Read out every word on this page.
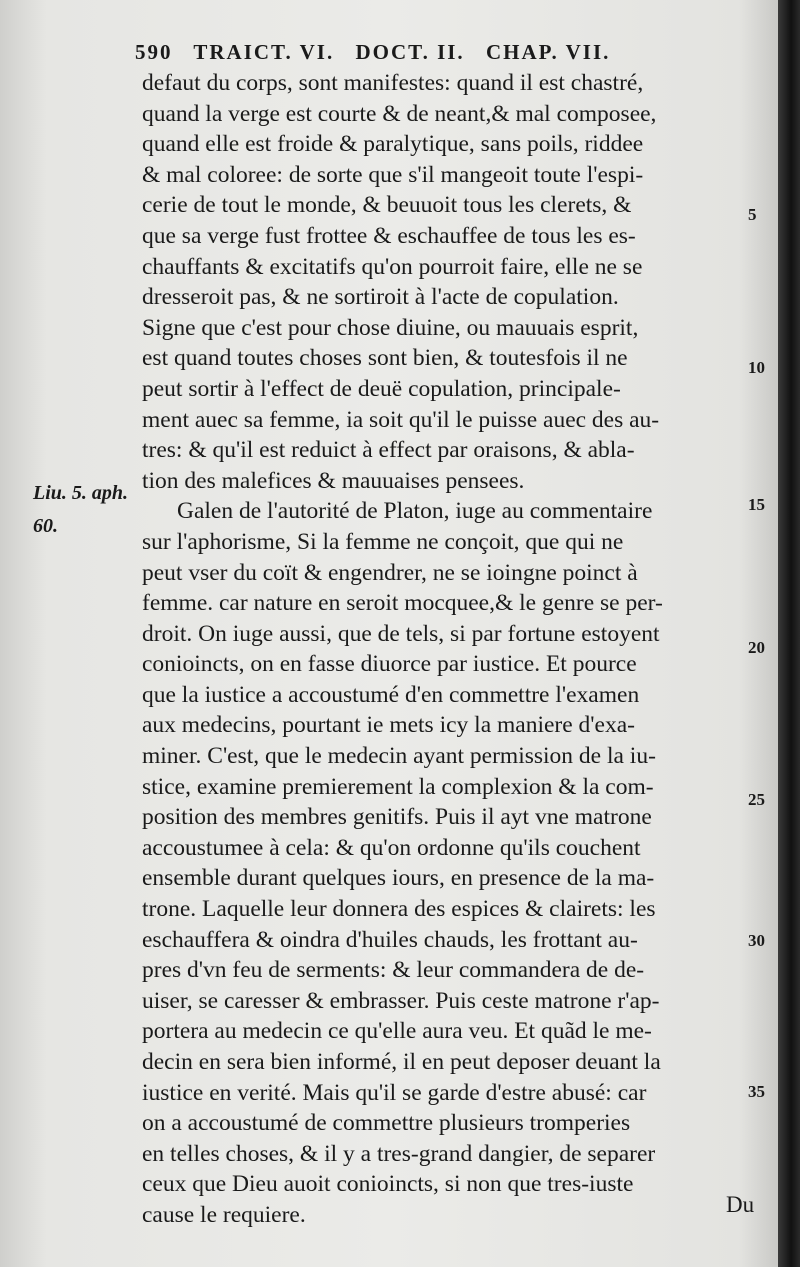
590 TRAICT. VI. DOCT. II. CHAP. VII.
defaut du corps, sont manifestes: quand il est chastré,
quand la verge est courte & de neant,& mal composee,
quand elle est froide & paralytique, sans poils, riddee
& mal coloree: de sorte que s'il mangeoit toute l'espi-
cerie de tout le monde, & beuuoit tous les clerets, &
que sa verge fust frottee & eschauffee de tous les es-
chauffants & excitatifs qu'on pourroit faire, elle ne se
dresseroit pas, & ne sortiroit à l'acte de copulation.
Signe que c'est pour chose diuine, ou mauuais esprit,
est quand toutes choses sont bien, & toutesfois il ne
peut sortir à l'effect de deuë copulation, principale-
ment auec sa femme, ia soit qu'il le puisse auec des au-
tres: & qu'il est reduict à effect par oraisons, & abla-
tion des malefices & mauuaises pensees.
Galen de l'autorité de Platon, iuge au commentaire
sur l'aphorisme, Si la femme ne conçoit, que qui ne
peut vser du coït & engendrer, ne se ioingne poinct à
femme. car nature en seroit mocquee,& le genre se per-
droit. On iuge aussi, que de tels, si par fortune estoyent
conioincts, on en fasse diuorce par iustice. Et pource
que la iustice a accoustumé d'en commettre l'examen
aux medecins, pourtant ie mets icy la maniere d'exa-
miner. C'est, que le medecin ayant permission de la iu-
stice, examine premierement la complexion & la com-
position des membres genitifs. Puis il ayt vne matrone
accoustumee à cela: & qu'on ordonne qu'ils couchent
ensemble durant quelques iours, en presence de la ma-
trone. Laquelle leur donnera des espices & clairets: les
eschauffera & oindra d'huiles chauds, les frottant au-
pres d'vn feu de serments: & leur commandera de de-
uiser, se caresser & embrasser. Puis ceste matrone r'ap-
portera au medecin ce qu'elle aura veu. Et quãd le me-
decin en sera bien informé, il en peut deposer deuant la
iustice en verité. Mais qu'il se garde d'estre abusé: car
on a accoustumé de commettre plusieurs tromperies
en telles choses, & il y a tres-grand dangier, de separer
ceux que Dieu auoit conioincts, si non que tres-iuste
cause le requiere.
Liu. 5. aph.
60.
5
10
15
20
25
30
35
Du
